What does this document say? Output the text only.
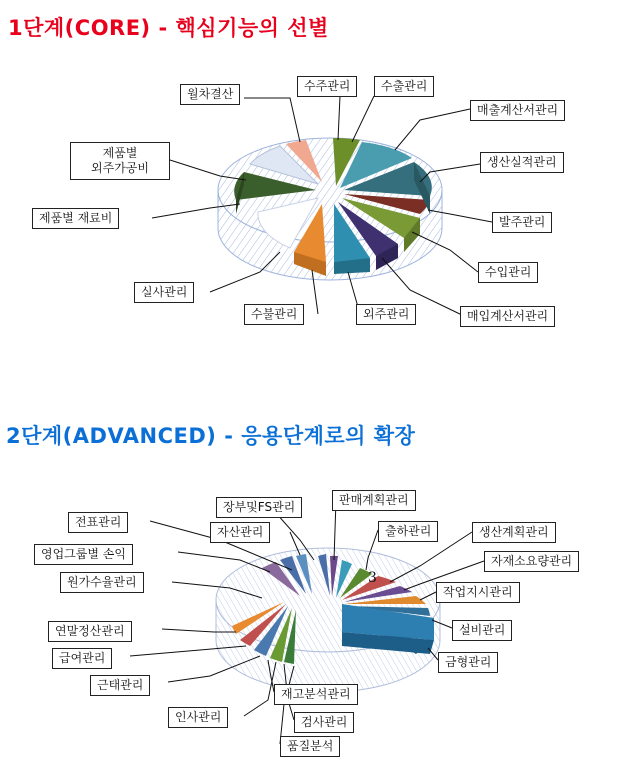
1단계(CORE) - 핵심기능의 선별
2단계(ADVANCED) - 응용단계로의 확장
3
월차결산
수주관리	수출관리
매출계산서관리
생산실적관리
발주관리
수입관리
매입계산서관리
외주관리
수불관리
실사관리
제품별 재료비
제품별
외주가공비
장부및FS관리	판매계획관리
전표관리
자산관리	출하관리	생산계획관리
영업그룹별 손익	자재소요량관리
원가수율관리
작업지시관리
연말정산관리	설비관리
급여관리	금형관리
근태관리
재고분석관리
인사관리	검사관리
품질분석
